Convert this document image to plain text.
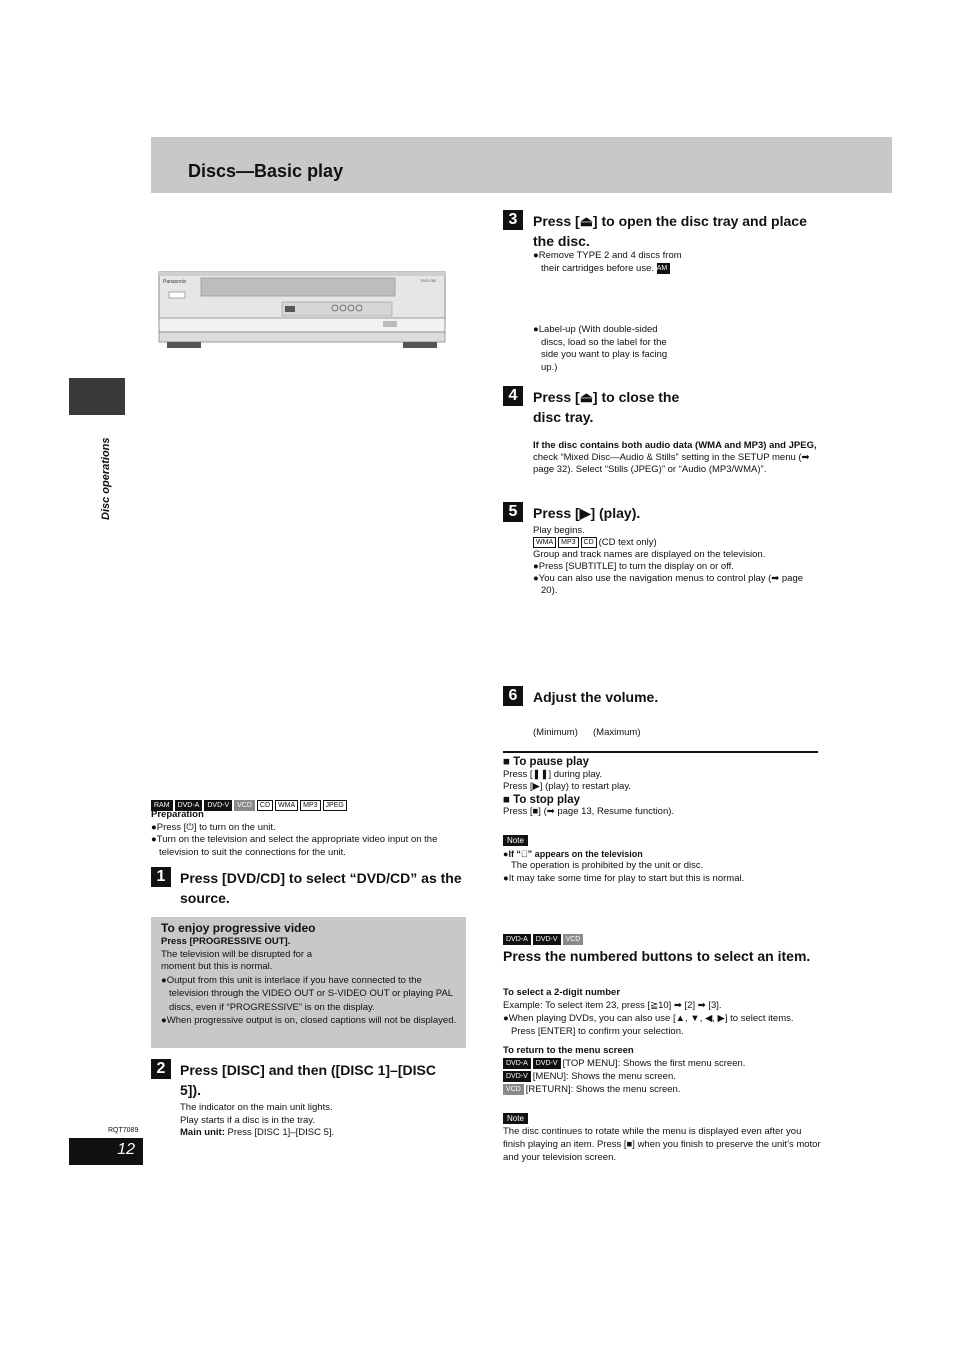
Discs—Basic play
Disc operations
RQT7089
12
Panasonic	DVD-F65
RAM DVD-A DVD-V VCD CD WMA MP3 JPEG
Preparation
●Press [⏻] to turn on the unit.
●Turn on the television and select the appropriate video input on the television to suit the connections for the unit.
1	Press [DVD/CD] to select “DVD/CD” as the source.
To enjoy progressive video
Press [PROGRESSIVE OUT].
The television will be disrupted for a
moment but this is normal.
●Output from this unit is interlace if you have connected to the television through the VIDEO OUT or S-VIDEO OUT or playing PAL discs, even if “PROGRESSIVE” is on the display.
●When progressive output is on, closed captions will not be displayed.
2	Press [DISC] and then ([DISC 1]–[DISC 5]).
The indicator on the main unit lights.
Play starts if a disc is in the tray.
Main unit: Press [DISC 1]–[DISC 5].
3	Press [⏏] to open the disc tray and place the disc.
●Remove TYPE 2 and 4 discs from their cartridges before use. RAM
●Label-up (With double-sided discs, load so the label for the side you want to play is facing up.)
4	Press [⏏] to close the disc tray.
If the disc contains both audio data (WMA and MP3) and JPEG, check “Mixed Disc—Audio & Stills” setting in the SETUP menu (➡ page 32). Select “Stills (JPEG)” or “Audio (MP3/WMA)”.
5	Press [▶] (play).
Play begins.
WMA MP3 CD (CD text only)
Group and track names are displayed on the television.
●Press [SUBTITLE] to turn the display on or off.
●You can also use the navigation menus to control play (➡ page 20).
6	Adjust the volume.
(Minimum) (Maximum)
■ To pause play
Press [❚❚] during play.
Press [▶] (play) to restart play.
■ To stop play
Press [■] (➡ page 13, Resume function).
Note
●If “⃠” appears on the television
The operation is prohibited by the unit or disc.
●It may take some time for play to start but this is normal.
DVD-A DVD-V VCD
Press the numbered buttons to select an item.
To select a 2-digit number
Example: To select item 23, press [≧10] ➡ [2] ➡ [3].
●When playing DVDs, you can also use [▲, ▼, ◀, ▶] to select items. Press [ENTER] to confirm your selection.
To return to the menu screen
DVD-A DVD-V [TOP MENU]: Shows the first menu screen.
DVD-V [MENU]: Shows the menu screen.
VCD [RETURN]: Shows the menu screen.
Note
The disc continues to rotate while the menu is displayed even after you finish playing an item. Press [■] when you finish to preserve the unit’s motor and your television screen.
